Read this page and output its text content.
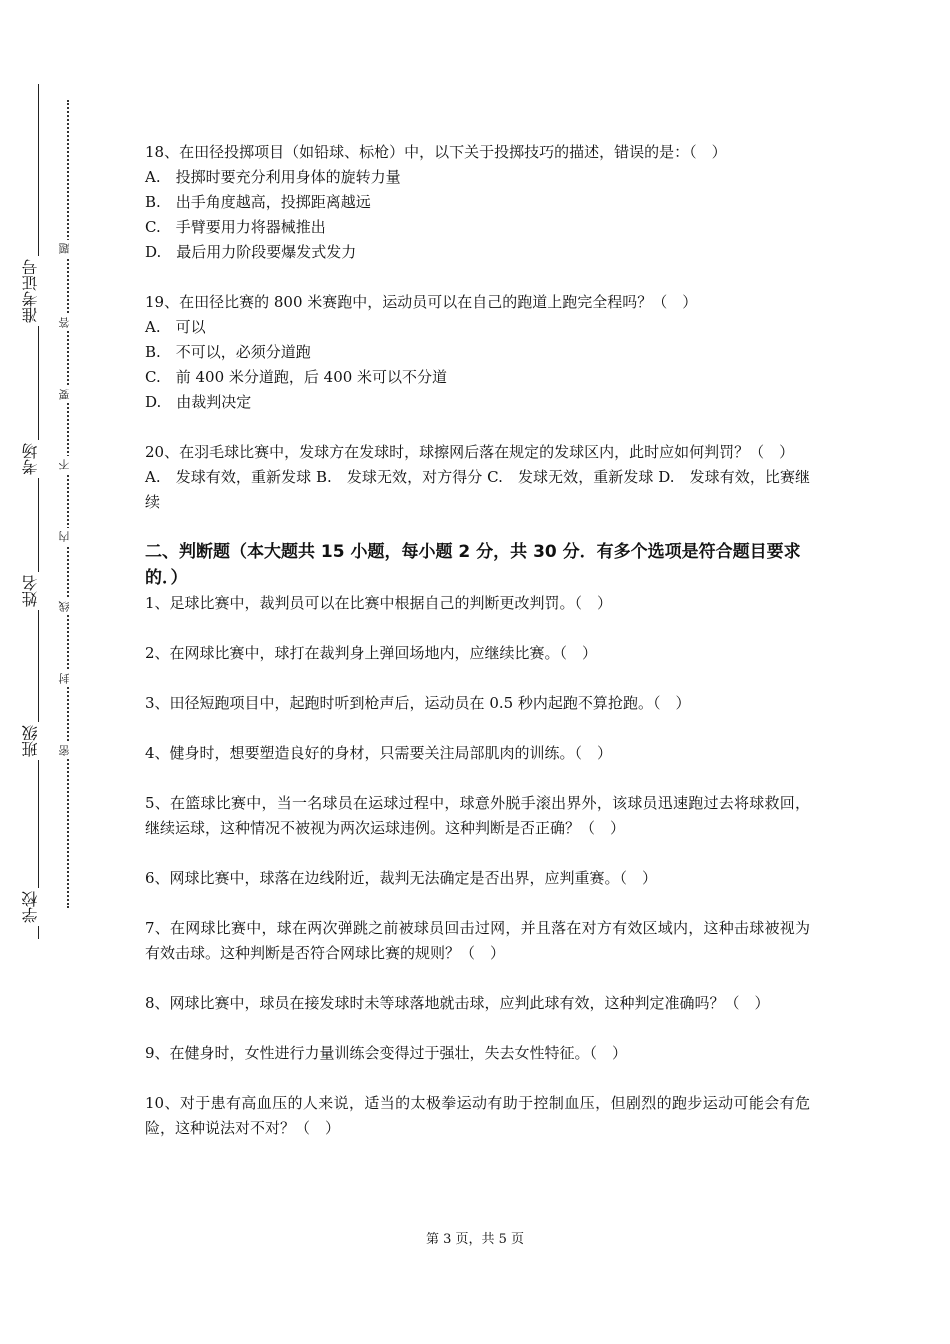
准考证号
考场
姓名
班级
学校
题
答
要
不
内
线
封
密
18、在田径投掷项目（如铅球、标枪）中，以下关于投掷技巧的描述，错误的是：（　）
A.　投掷时要充分利用身体的旋转力量
B.　出手角度越高，投掷距离越远
C.　手臂要用力将器械推出
D.　最后用力阶段要爆发式发力
19、在田径比赛的 800 米赛跑中，运动员可以在自己的跑道上跑完全程吗？（　）
A.　可以
B.　不可以，必须分道跑
C.　前 400 米分道跑，后 400 米可以不分道
D.　由裁判决定
20、在羽毛球比赛中，发球方在发球时，球擦网后落在规定的发球区内，此时应如何判罚？（　）
A.　发球有效，重新发球 B.　发球无效，对方得分 C.　发球无效，重新发球 D.　发球有效，比赛继续
二、判断题（本大题共 15 小题，每小题 2 分，共 30 分．有多个选项是符合题目要求的．）
1、足球比赛中，裁判员可以在比赛中根据自己的判断更改判罚。（　）
2、在网球比赛中，球打在裁判身上弹回场地内，应继续比赛。（　）
3、田径短跑项目中，起跑时听到枪声后，运动员在 0.5 秒内起跑不算抢跑。（　）
4、健身时，想要塑造良好的身材，只需要关注局部肌肉的训练。（　）
5、在篮球比赛中，当一名球员在运球过程中，球意外脱手滚出界外，该球员迅速跑过去将球救回，继续运球，这种情况不被视为两次运球违例。这种判断是否正确？（　）
6、网球比赛中，球落在边线附近，裁判无法确定是否出界，应判重赛。（　）
7、在网球比赛中，球在两次弹跳之前被球员回击过网，并且落在对方有效区域内，这种击球被视为有效击球。这种判断是否符合网球比赛的规则？（　）
8、网球比赛中，球员在接发球时未等球落地就击球，应判此球有效，这种判定准确吗？（　）
9、在健身时，女性进行力量训练会变得过于强壮，失去女性特征。（　）
10、对于患有高血压的人来说，适当的太极拳运动有助于控制血压，但剧烈的跑步运动可能会有危险，这种说法对不对？（　）
第 3 页，共 5 页
